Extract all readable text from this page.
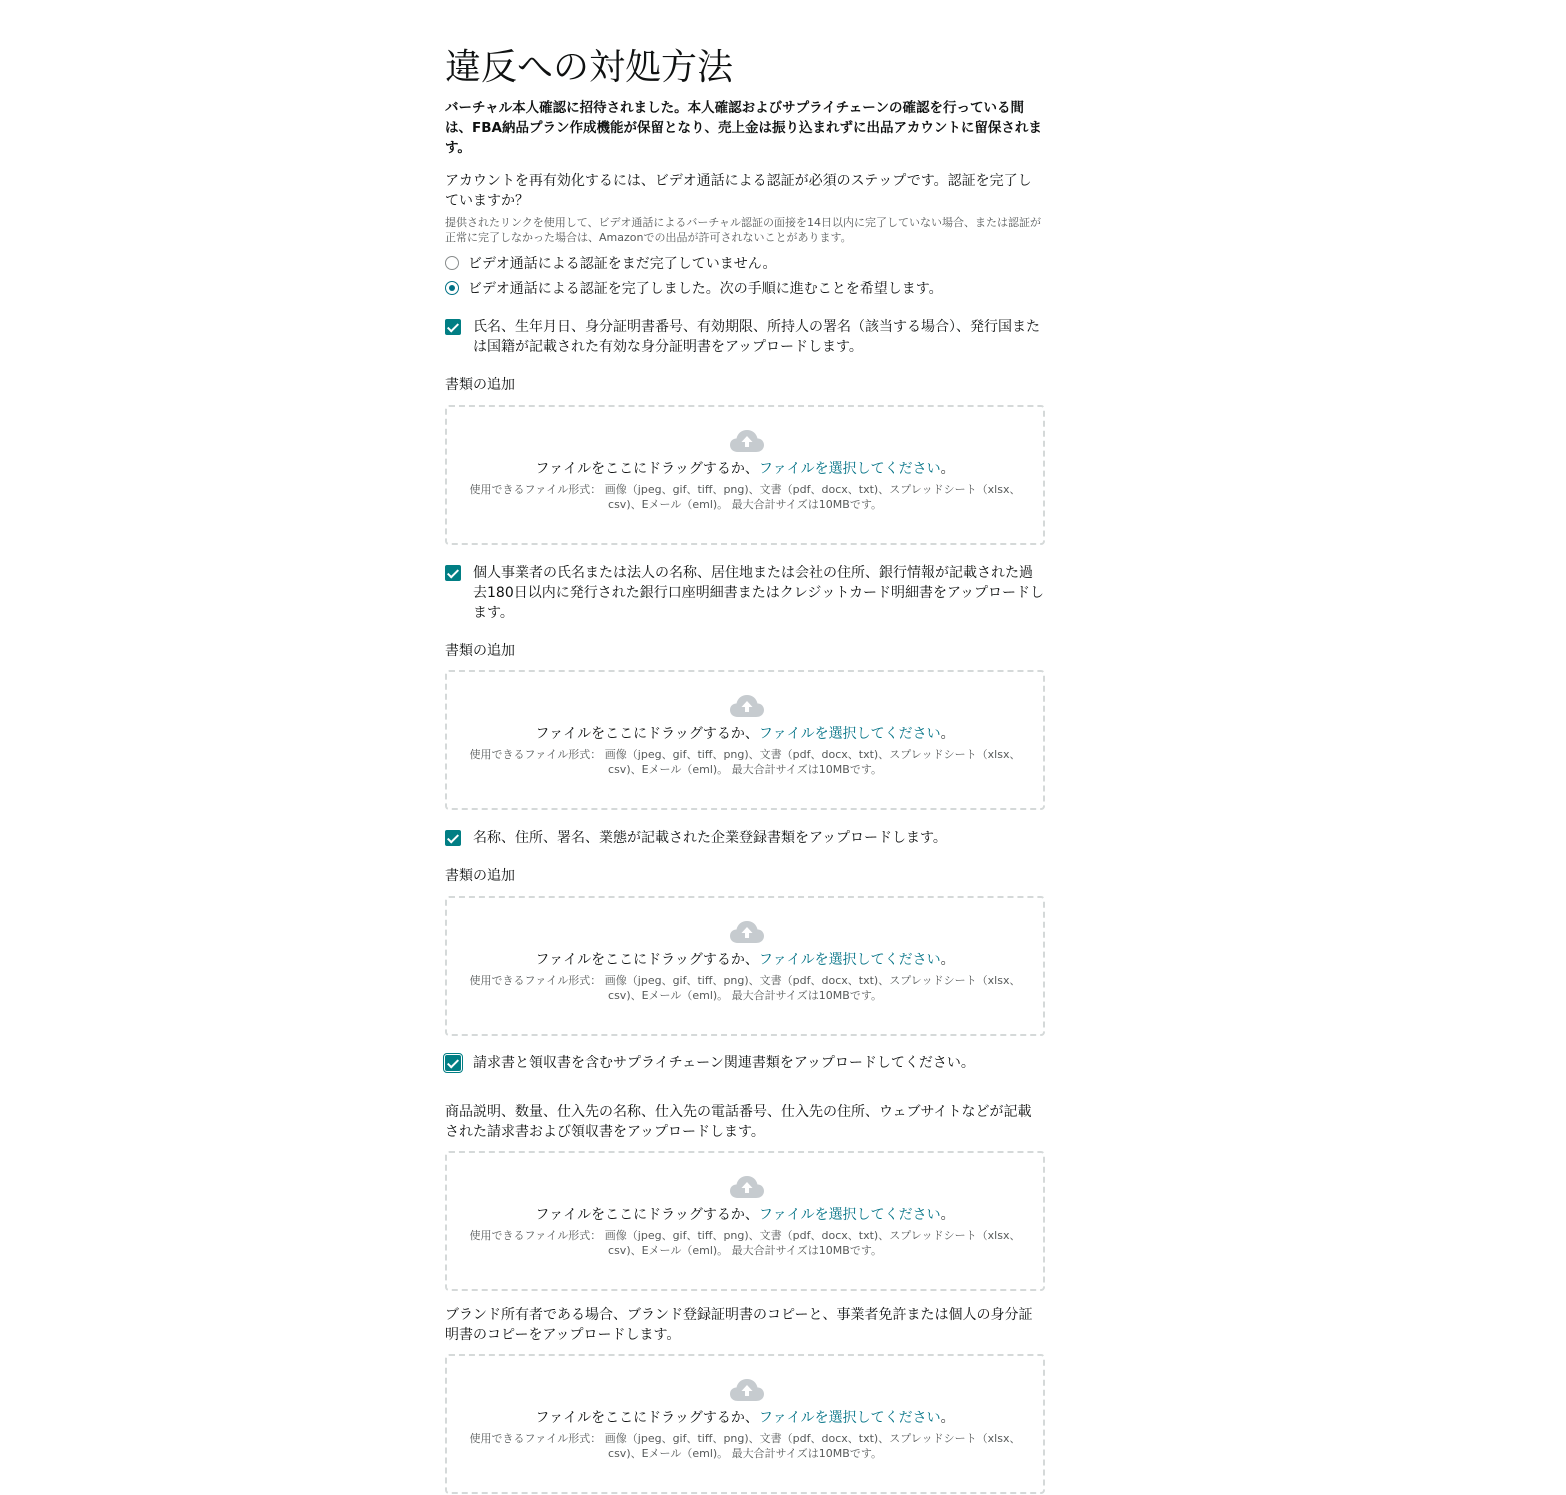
違反への対処方法
バーチャル本人確認に招待されました。本人確認およびサプライチェーンの確認を行っている間は、FBA納品プラン作成機能が保留となり、売上金は振り込まれずに出品アカウントに留保されます。
アカウントを再有効化するには、ビデオ通話による認証が必須のステップです。認証を完了していますか？
提供されたリンクを使用して、ビデオ通話によるバーチャル認証の面接を14日以内に完了していない場合、または認証が正常に完了しなかった場合は、Amazonでの出品が許可されないことがあります。
ビデオ通話による認証をまだ完了していません。
ビデオ通話による認証を完了しました。次の手順に進むことを希望します。
氏名、生年月日、身分証明書番号、有効期限、所持人の署名（該当する場合）、発行国または国籍が記載された有効な身分証明書をアップロードします。
書類の追加
ファイルをここにドラッグするか、ファイルを選択してください。
使用できるファイル形式： 画像（jpeg、gif、tiff、png)、文書（pdf、docx、txt)、スプレッドシート（xlsx、csv)、Eメール（eml)。 最大合計サイズは10MBです。
個人事業者の氏名または法人の名称、居住地または会社の住所、銀行情報が記載された過去180日以内に発行された銀行口座明細書またはクレジットカード明細書をアップロードします。
書類の追加
ファイルをここにドラッグするか、ファイルを選択してください。
使用できるファイル形式： 画像（jpeg、gif、tiff、png)、文書（pdf、docx、txt)、スプレッドシート（xlsx、csv)、Eメール（eml)。 最大合計サイズは10MBです。
名称、住所、署名、業態が記載された企業登録書類をアップロードします。
書類の追加
ファイルをここにドラッグするか、ファイルを選択してください。
使用できるファイル形式： 画像（jpeg、gif、tiff、png)、文書（pdf、docx、txt)、スプレッドシート（xlsx、csv)、Eメール（eml)。 最大合計サイズは10MBです。
請求書と領収書を含むサプライチェーン関連書類をアップロードしてください。
商品説明、数量、仕入先の名称、仕入先の電話番号、仕入先の住所、ウェブサイトなどが記載された請求書および領収書をアップロードします。
ファイルをここにドラッグするか、ファイルを選択してください。
使用できるファイル形式： 画像（jpeg、gif、tiff、png)、文書（pdf、docx、txt)、スプレッドシート（xlsx、csv)、Eメール（eml)。 最大合計サイズは10MBです。
ブランド所有者である場合、ブランド登録証明書のコピーと、事業者免許または個人の身分証明書のコピーをアップロードします。
ファイルをここにドラッグするか、ファイルを選択してください。
使用できるファイル形式： 画像（jpeg、gif、tiff、png)、文書（pdf、docx、txt)、スプレッドシート（xlsx、csv)、Eメール（eml)。 最大合計サイズは10MBです。
